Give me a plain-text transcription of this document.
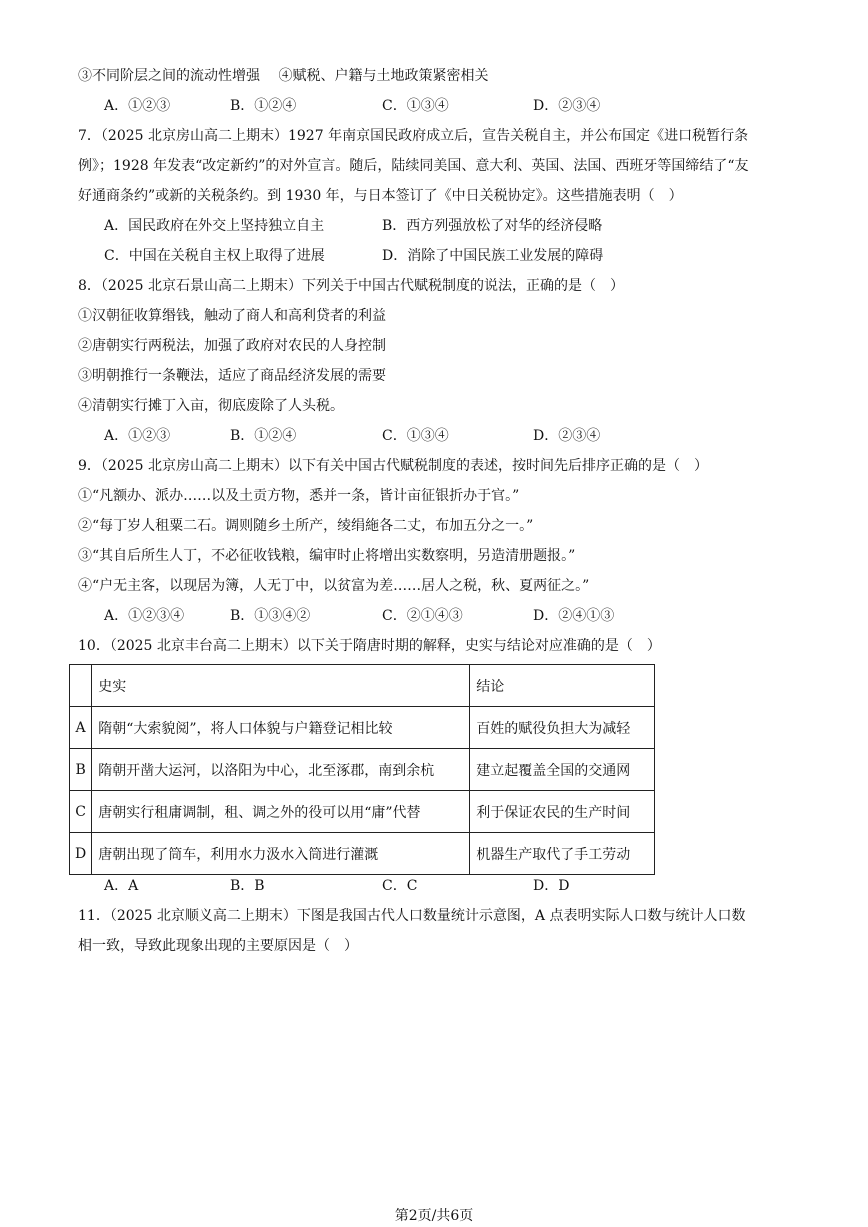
③不同阶层之间的流动性增强　 ④赋税、户籍与土地政策紧密相关
A．①②③	B．①②④	C．①③④	D．②③④
7．（2025 北京房山高二上期末）1927 年南京国民政府成立后，宣告关税自主，并公布国定《进口税暂行条
例》；1928 年发表“改定新约”的对外宣言。随后，陆续同美国、意大利、英国、法国、西班牙等国缔结了“友
好通商条约”或新的关税条约。到 1930 年，与日本签订了《中日关税协定》。这些措施表明（　）
A．国民政府在外交上坚持独立自主	B．西方列强放松了对华的经济侵略
C．中国在关税自主权上取得了进展	D．消除了中国民族工业发展的障碍
8．（2025 北京石景山高二上期末）下列关于中国古代赋税制度的说法，正确的是（　）
①汉朝征收算缗钱，触动了商人和高利贷者的利益
②唐朝实行两税法，加强了政府对农民的人身控制
③明朝推行一条鞭法，适应了商品经济发展的需要
④清朝实行摊丁入亩，彻底废除了人头税。
A．①②③	B．①②④	C．①③④	D．②③④
9．（2025 北京房山高二上期末）以下有关中国古代赋税制度的表述，按时间先后排序正确的是（　）
①“凡额办、派办……以及土贡方物，悉并一条，皆计亩征银折办于官。”
②“每丁岁人租粟二石。调则随乡土所产，绫绢絁各二丈，布加五分之一。”
③“其自后所生人丁，不必征收钱粮，编审时止将增出实数察明，另造清册题报。”
④“户无主客，以现居为簿，人无丁中，以贫富为差……居人之税，秋、夏两征之。”
A．①②③④	B．①③④②	C．②①④③	D．②④①③
10．（2025 北京丰台高二上期末）以下关于隋唐时期的解释，史实与结论对应准确的是（　）
	史实	结论
A	隋朝“大索貌阅”，将人口体貌与户籍登记相比较	百姓的赋役负担大为减轻
B	隋朝开凿大运河，以洛阳为中心，北至涿郡，南到余杭	建立起覆盖全国的交通网
C	唐朝实行租庸调制，租、调之外的役可以用“庸”代替	利于保证农民的生产时间
D	唐朝出现了筒车，利用水力汲水入筒进行灌溉	机器生产取代了手工劳动
A．A	B．B	C．C	D．D
11．（2025 北京顺义高二上期末）下图是我国古代人口数量统计示意图，A 点表明实际人口数与统计人口数
相一致，导致此现象出现的主要原因是（　）
第2页/共6页
